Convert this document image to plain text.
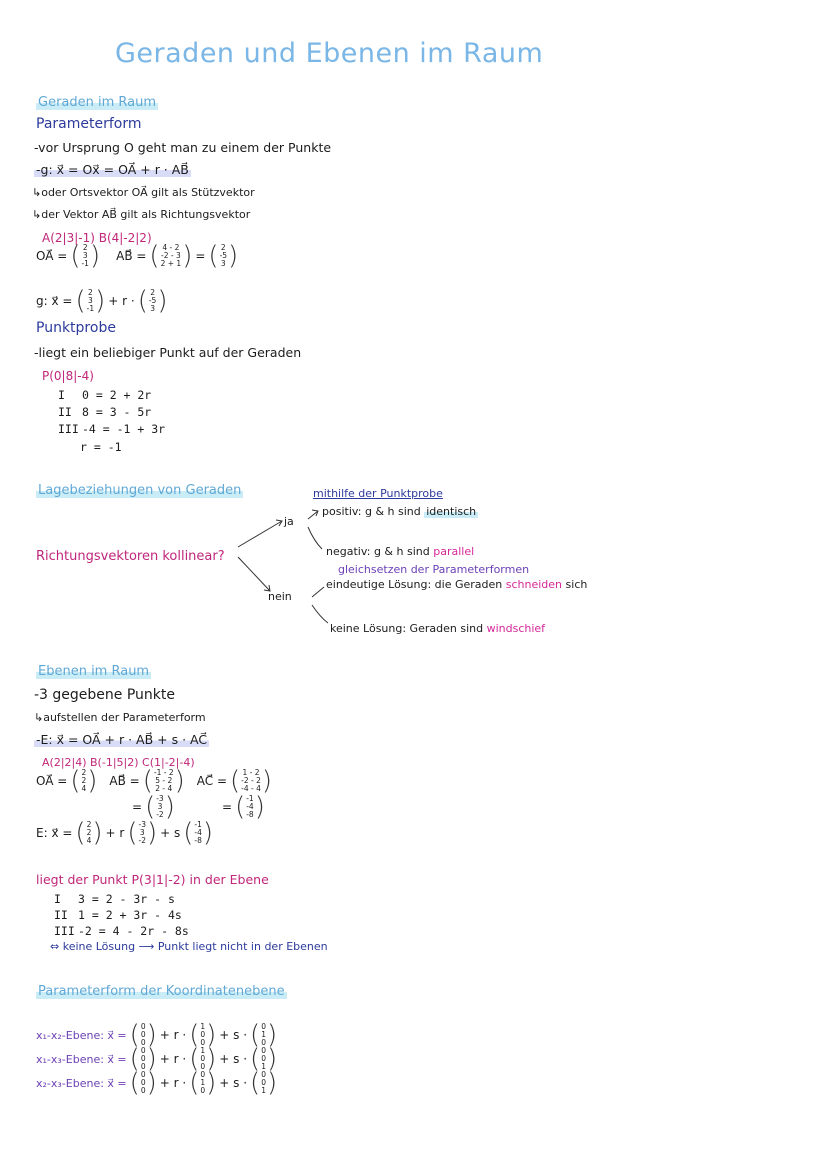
Geraden und Ebenen im Raum
Geraden im Raum
Parameterform
-vor Ursprung O geht man zu einem der Punkte
-g: x⃗ = Ox⃗ = OA⃗ + r · AB⃗
↳oder Ortsvektor OA⃗ gilt als Stützvektor
↳der Vektor AB⃗ gilt als Richtungsvektor
A(2|3|-1) B(4|-2|2)
OA⃗ = ( 2
3
-1 ) AB⃗ = ( 4 - 2
-2 - 3
2 + 1 ) = ( 2
-5
3 )
g: x⃗ = ( 2
3
-1 ) + r · ( 2
-5
3 )
Punktprobe
-liegt ein beliebiger Punkt auf der Geraden
P(0|8|-4)
I 0 = 2 + 2r
II 8 = 3 - 5r
III -4 = -1 + 3r
r = -1
Lagebeziehungen von Geraden
Richtungsvektoren kollinear?
ja
nein
mithilfe der Punktprobe
positiv: g & h sind identisch
negativ: g & h sind parallel
gleichsetzen der Parameterformen
eindeutige Lösung: die Geraden schneiden sich
keine Lösung: Geraden sind windschief
Ebenen im Raum
-3 gegebene Punkte
↳aufstellen der Parameterform
-E: x⃗ = OA⃗ + r · AB⃗ + s · AC⃗
A(2|2|4) B(-1|5|2) C(1|-2|-4)
OA⃗ = ( 2
2
4 ) AB⃗ = ( -1 - 2
5 - 2
2 - 4 ) AC⃗ = ( 1 - 2
-2 - 2
-4 - 4 )
= ( -3
3
-2 )	= ( -1
-4
-8 )
E: x⃗ = ( 2
2
4 ) + r ( -3
3
-2 ) + s ( -1
-4
-8 )
liegt der Punkt P(3|1|-2) in der Ebene
I 3 = 2 - 3r - s
II 1 = 2 + 3r - 4s
III -2 = 4 - 2r - 8s
⇔ keine Lösung ⟶ Punkt liegt nicht in der Ebenen
Parameterform der Koordinatenebene
x₁-x₂-Ebene: x⃗ = ( 0
0
0 ) + r · ( 1
0
0 ) + s · ( 0
1
0 )
x₁-x₃-Ebene: x⃗ = ( 0
0
0 ) + r · ( 1
0
0 ) + s · ( 0
0
1 )
x₂-x₃-Ebene: x⃗ = ( 0
0
0 ) + r · ( 0
1
0 ) + s · ( 0
0
1 )
